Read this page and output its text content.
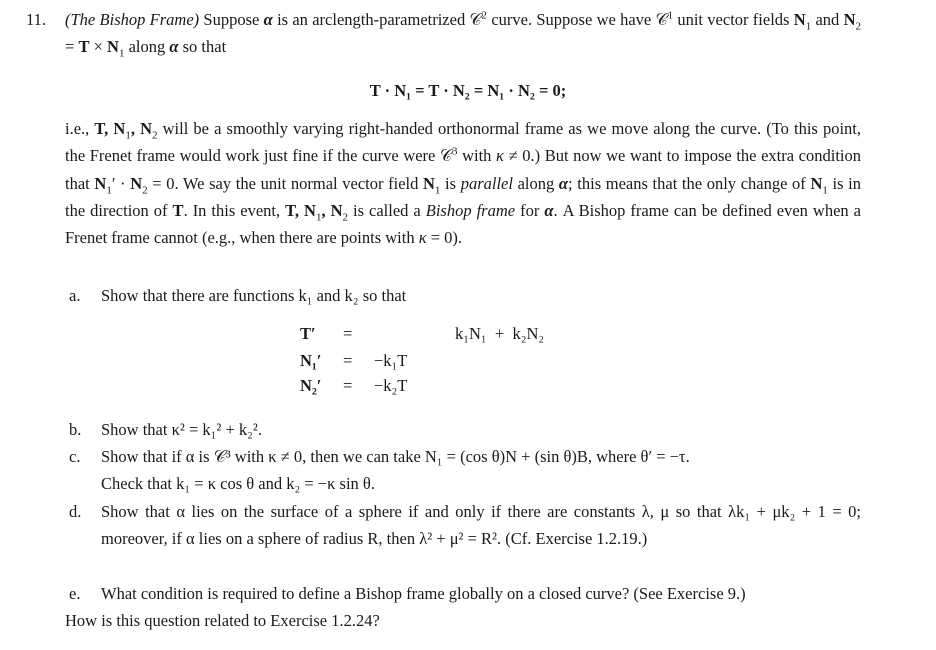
11. (The Bishop Frame) Suppose α is an arclength-parametrized 𝒞$^2$ curve. Suppose we have 𝒞$^1$ unit vector fields $N_1$ and $N_2 = T \times N_1$ along α so that
T · N₁ = T · N₂ = N₁ · N₂ = 0;
i.e., T, $N_1$, $N_2$ will be a smoothly varying right-handed orthonormal frame as we move along the curve. (To this point, the Frenet frame would work just fine if the curve were 𝒞$^3$ with κ ≠ 0.) But now we want to impose the extra condition that $N_1' \cdot N_2 = 0$. We say the unit normal vector field $N_1$ is parallel along α; this means that the only change of $N_1$ is in the direction of T. In this event, T, $N_1$, $N_2$ is called a Bishop frame for α. A Bishop frame can be defined even when a Frenet frame cannot (e.g., when there are points with κ = 0).
a. Show that there are functions k₁ and k₂ so that
T′
N₁′
N₂′
=
=
=
k₁N₁  +  k₂N₂
−k₁T
−k₂T
b. Show that κ² = k₁² + k₂².
c. Show that if α is 𝒞³ with κ ≠ 0, then we can take N₁ = (cos θ)N + (sin θ)B, where θ′ = −τ.
Check that k₁ = κ cos θ and k₂ = −κ sin θ.
d. Show that α lies on the surface of a sphere if and only if there are constants λ, μ so that λk₁ + μk₂ + 1 = 0; moreover, if α lies on a sphere of radius R, then λ² + μ² = R². (Cf. Exercise 1.2.19.)
e. What condition is required to define a Bishop frame globally on a closed curve? (See Exercise 9.)
How is this question related to Exercise 1.2.24?
